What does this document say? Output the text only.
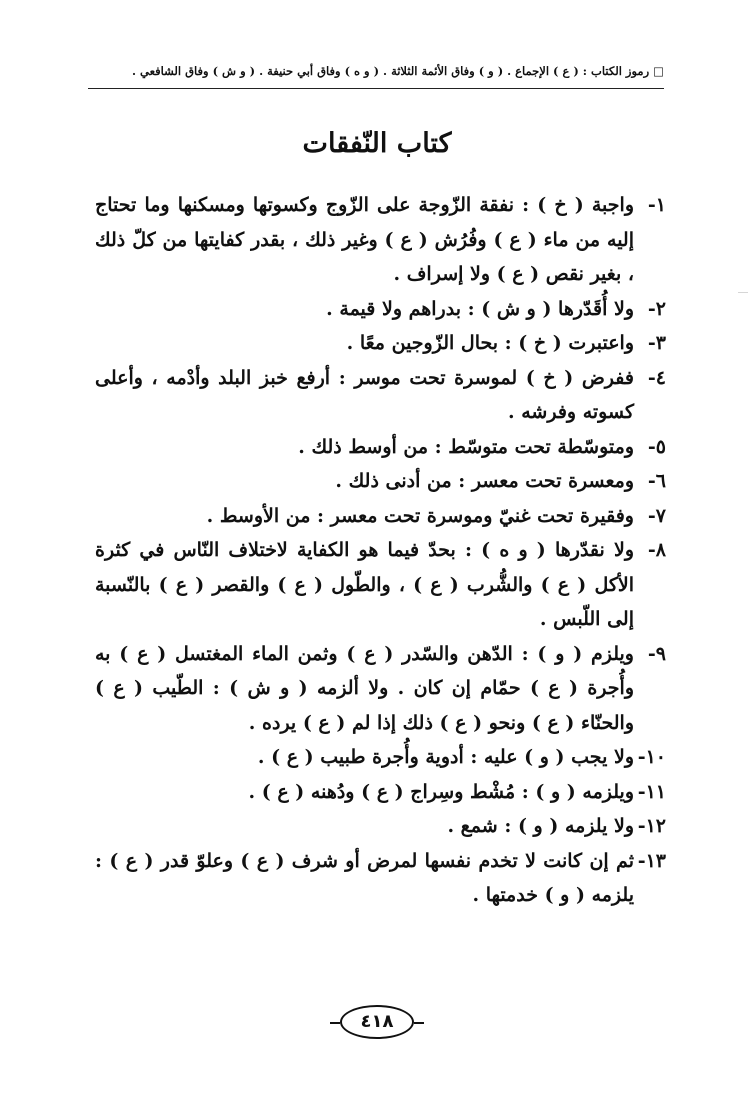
□ رموز الكتاب : ( ع ) الإجماع . ( و ) وفاق الأئمة الثلاثة . ( و ه ) وفاق أبي حنيفة . ( و ش ) وفاق الشافعي .
كتاب النّفقات

١-
واجبة ( خ ) : نفقة الزّوجة على الزّوج وكسوتها ومسكنها وما تحتاج إليه من ماء ( ع ) وفُرُش ( ع ) وغير ذلك ، بقدر كفايتها من كلّ ذلك ، بغير نقص ( ع ) ولا إسراف .

٢-
ولا أُقَدّرها ( و ش ) : بدراهم ولا قيمة .

٣-
واعتبرت ( خ ) : بحال الزّوجين معًا .

٤-
ففرض ( خ ) لموسرة تحت موسر : أرفع خبز البلد وأدْمه ، وأعلى كسوته وفرشه .

٥-
ومتوسّطة تحت متوسّط : من أوسط ذلك .

٦-
ومعسرة تحت معسر : من أدنى ذلك .

٧-
وفقيرة تحت غنيّ وموسرة تحت معسر : من الأوسط .

٨-
ولا نقدّرها ( و ه ) : بحدّ فيما هو الكفاية لاختلاف النّاس في كثرة الأكل ( ع ) والشُّرب ( ع ) ، والطّول ( ع ) والقصر ( ع ) بالنّسبة إلى اللّبس .

٩-
ويلزم ( و ) : الدّهن والسّدر ( ع ) وثمن الماء المغتسل ( ع ) به وأُجرة ( ع ) حمّام إن كان . ولا ألزمه ( و ش ) : الطّيب ( ع ) والحنّاء ( ع ) ونحو ( ع ) ذلك إذا لم ( ع ) يرده .

١٠-
ولا يجب ( و ) عليه : أدوية وأُجرة طبيب ( ع ) .

١١-
ويلزمه ( و ) : مُشْط وسِراج ( ع ) ودُهنه ( ع ) .

١٢-
ولا يلزمه ( و ) : شمع .

١٣-
ثم إن كانت لا تخدم نفسها لمرض أو شرف ( ع ) وعلوّ قدر ( ع ) : يلزمه ( و ) خدمتها .

٤١٨
